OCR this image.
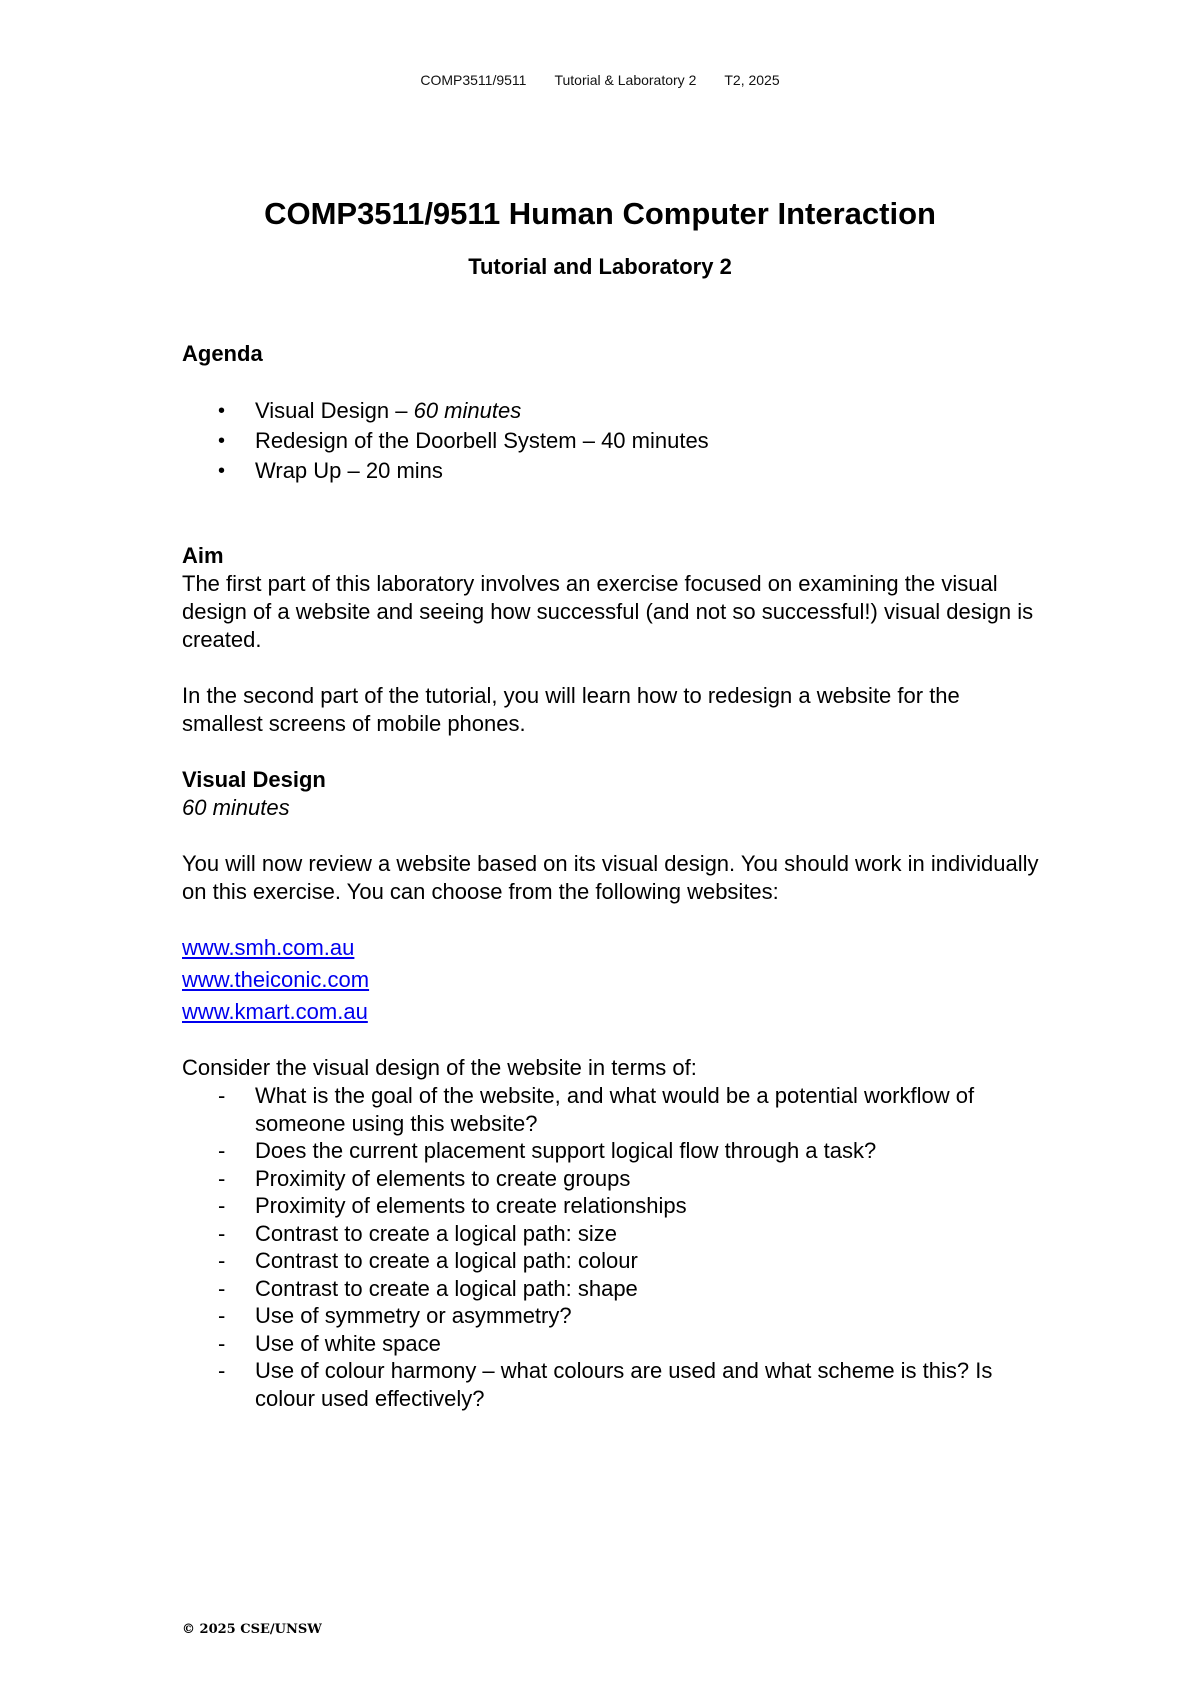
COMP3511/9511 Tutorial & Laboratory 2 T2, 2025
COMP3511/9511 Human Computer Interaction
Tutorial and Laboratory 2

Agenda

• Visual Design – 60 minutes
• Redesign of the Doorbell System – 40 minutes
• Wrap Up – 20 mins

Aim

The first part of this laboratory involves an exercise focused on examining the visual design of a website and seeing how successful (and not so successful!) visual design is created.

In the second part of the tutorial, you will learn how to redesign a website for the smallest screens of mobile phones.

Visual Design

60 minutes

You will now review a website based on its visual design. You should work in individually on this exercise. You can choose from the following websites:

www.smh.com.au
www.theiconic.com
www.kmart.com.au

Consider the visual design of the website in terms of:

- What is the goal of the website, and what would be a potential workflow of someone using this website?
- Does the current placement support logical flow through a task?
- Proximity of elements to create groups
- Proximity of elements to create relationships
- Contrast to create a logical path: size
- Contrast to create a logical path: colour
- Contrast to create a logical path: shape
- Use of symmetry or asymmetry?
- Use of white space
- Use of colour harmony – what colours are used and what scheme is this? Is colour used effectively?
© 2025 CSE/UNSW
